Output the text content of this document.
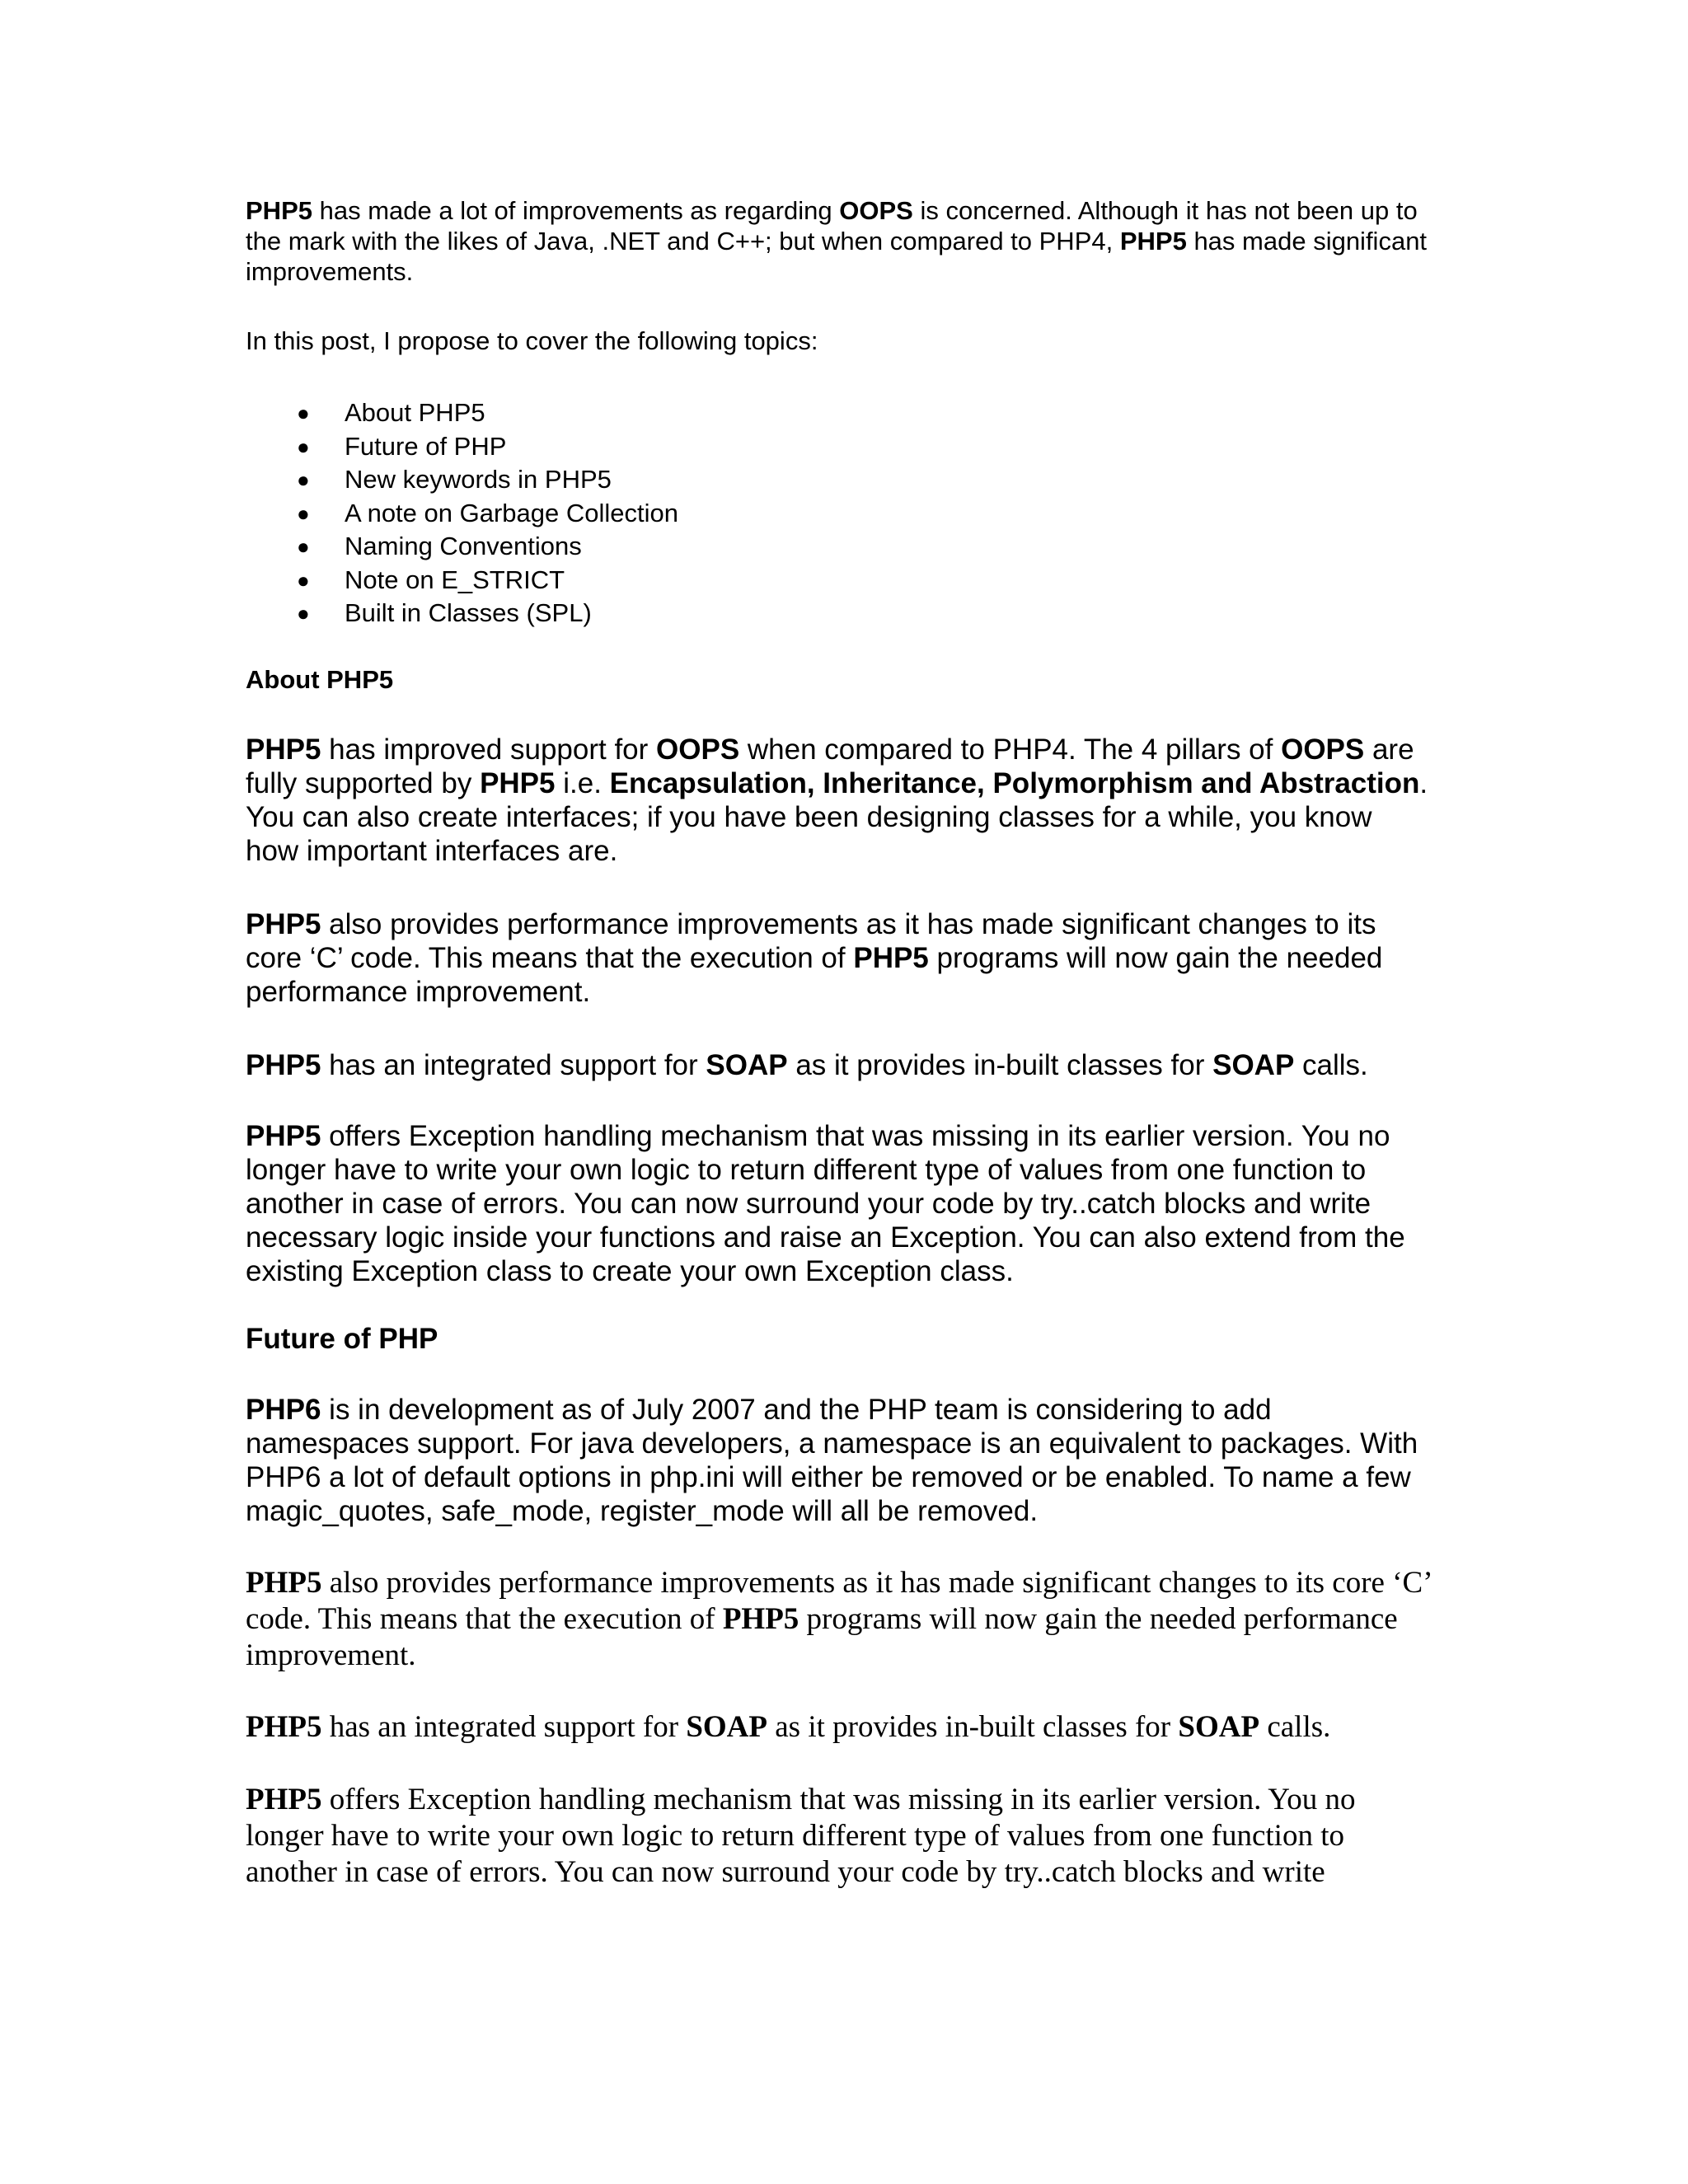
PHP5 has made a lot of improvements as regarding OOPS is concerned. Although it has not been up to the mark with the likes of Java, .NET and C++; but when compared to PHP4, PHP5 has made significant improvements.

In this post, I propose to cover the following topics:

● About PHP5
● Future of PHP
● New keywords in PHP5
● A note on Garbage Collection
● Naming Conventions
● Note on E_STRICT
● Built in Classes (SPL)
About PHP5

PHP5 has improved support for OOPS when compared to PHP4. The 4 pillars of OOPS are fully supported by PHP5 i.e. Encapsulation, Inheritance, Polymorphism and Abstraction. You can also create interfaces; if you have been designing classes for a while, you know how important interfaces are.

PHP5 also provides performance improvements as it has made significant changes to its core ‘C’ code. This means that the execution of PHP5 programs will now gain the needed performance improvement.

PHP5 has an integrated support for SOAP as it provides in-built classes for SOAP calls.

PHP5 offers Exception handling mechanism that was missing in its earlier version. You no longer have to write your own logic to return different type of values from one function to another in case of errors. You can now surround your code by try..catch blocks and write necessary logic inside your functions and raise an Exception. You can also extend from the existing Exception class to create your own Exception class.

Future of PHP

PHP6 is in development as of July 2007 and the PHP team is considering to add namespaces support. For java developers, a namespace is an equivalent to packages. With PHP6 a lot of default options in php.ini will either be removed or be enabled. To name a few magic_quotes, safe_mode, register_mode will all be removed.

PHP5 also provides performance improvements as it has made significant changes to its core ‘C’ code. This means that the execution of PHP5 programs will now gain the needed performance improvement.

PHP5 has an integrated support for SOAP as it provides in-built classes for SOAP calls.

PHP5 offers Exception handling mechanism that was missing in its earlier version. You no longer have to write your own logic to return different type of values from one function to another in case of errors. You can now surround your code by try..catch blocks and write
